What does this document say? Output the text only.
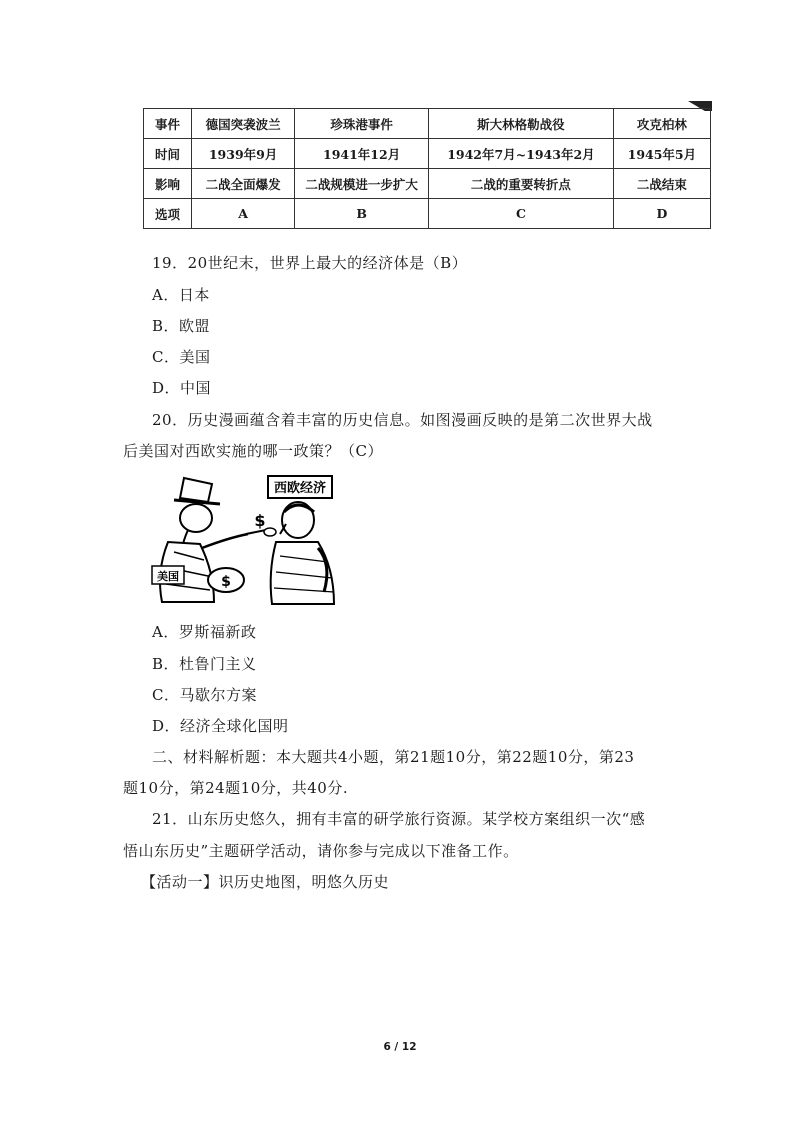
事件	德国突袭波兰	珍珠港事件	斯大林格勒战役	攻克柏林
时间	1939年9月	1941年12月	1942年7月~1943年2月	1945年5月
影响	二战全面爆发	二战规模进一步扩大	二战的重要转折点	二战结束
选项	A	B	C	D
19．20世纪末，世界上最大的经济体是（B）
A．日本
B．欧盟
C．美国
D．中国
20．历史漫画蕴含着丰富的历史信息。如图漫画反映的是第二次世界大战
后美国对西欧实施的哪一政策？（C）
西欧经济
$
美国	$
A．罗斯福新政
B．杜鲁门主义
C．马歇尔方案
D．经济全球化国明
二、材料解析题：本大题共4小题，第21题10分，第22题10分，第23
题10分，第24题10分，共40分.
21．山东历史悠久，拥有丰富的研学旅行资源。某学校方案组织一次“感
悟山东历史”主题研学活动，请你参与完成以下准备工作。
【活动一】识历史地图，明悠久历史
6 / 12
